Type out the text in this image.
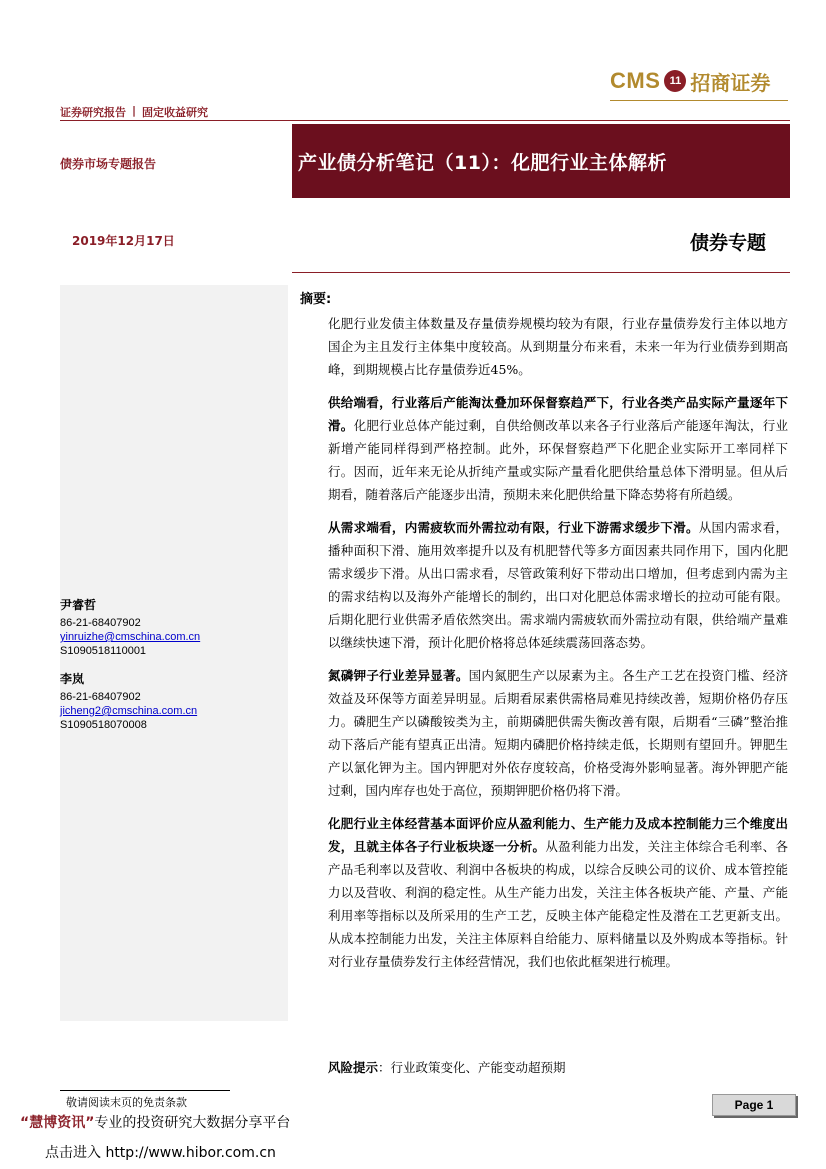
CMS 11 招商证券
证券研究报告 | 固定收益研究
产业债分析笔记（11）：化肥行业主体解析
债券市场专题报告
2019年12月17日	债券专题
尹睿哲
86-21-68407902
yinruizhe@cmschina.com.cn
S1090518110001
李岚
86-21-68407902
jicheng2@cmschina.com.cn
S1090518070008
摘要:

化肥行业发债主体数量及存量债券规模均较为有限，行业存量债券发行主体以地方国企为主且发行主体集中度较高。从到期量分布来看，未来一年为行业债券到期高峰，到期规模占比存量债券近45%。

供给端看，行业落后产能淘汰叠加环保督察趋严下，行业各类产品实际产量逐年下滑。化肥行业总体产能过剩，自供给侧改革以来各子行业落后产能逐年淘汰，行业新增产能同样得到严格控制。此外，环保督察趋严下化肥企业实际开工率同样下行。因而，近年来无论从折纯产量或实际产量看化肥供给量总体下滑明显。但从后期看，随着落后产能逐步出清，预期未来化肥供给量下降态势将有所趋缓。

从需求端看，内需疲软而外需拉动有限，行业下游需求缓步下滑。从国内需求看，播种面积下滑、施用效率提升以及有机肥替代等多方面因素共同作用下，国内化肥需求缓步下滑。从出口需求看，尽管政策利好下带动出口增加，但考虑到内需为主的需求结构以及海外产能增长的制约，出口对化肥总体需求增长的拉动可能有限。后期化肥行业供需矛盾依然突出。需求端内需疲软而外需拉动有限，供给端产量难以继续快速下滑，预计化肥价格将总体延续震荡回落态势。

氮磷钾子行业差异显著。国内氮肥生产以尿素为主。各生产工艺在投资门槛、经济效益及环保等方面差异明显。后期看尿素供需格局难见持续改善，短期价格仍存压力。磷肥生产以磷酸铵类为主，前期磷肥供需失衡改善有限，后期看“三磷”整治推动下落后产能有望真正出清。短期内磷肥价格持续走低，长期则有望回升。钾肥生产以氯化钾为主。国内钾肥对外依存度较高，价格受海外影响显著。海外钾肥产能过剩，国内库存也处于高位，预期钾肥价格仍将下滑。

化肥行业主体经营基本面评价应从盈利能力、生产能力及成本控制能力三个维度出发，且就主体各子行业板块逐一分析。从盈利能力出发，关注主体综合毛利率、各产品毛利率以及营收、利润中各板块的构成，以综合反映公司的议价、成本管控能力以及营收、利润的稳定性。从生产能力出发，关注主体各板块产能、产量、产能利用率等指标以及所采用的生产工艺，反映主体产能稳定性及潜在工艺更新支出。从成本控制能力出发，关注主体原料自给能力、原料储量以及外购成本等指标。针对行业存量债券发行主体经营情况，我们也依此框架进行梳理。

风险提示：行业政策变化、产能变动超预期
敬请阅读末页的免责条款	Page 1
“慧博资讯”专业的投资研究大数据分享平台
点击进入 http://www.hibor.com.cn
